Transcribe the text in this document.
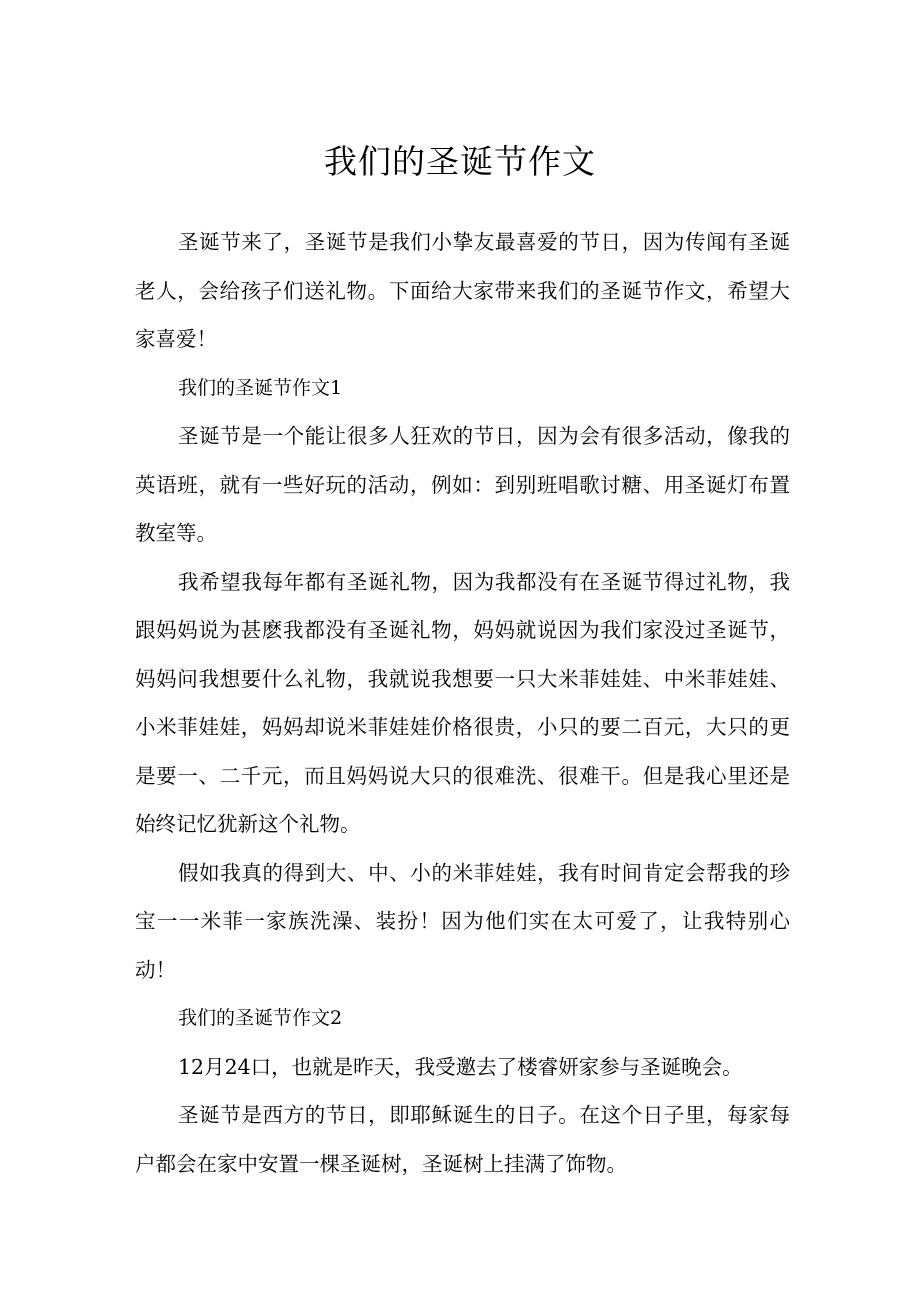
我们的圣诞节作文

圣诞节来了，圣诞节是我们小挚友最喜爱的节日，因为传闻有圣诞老人，会给孩子们送礼物。下面给大家带来我们的圣诞节作文，希望大家喜爱！

我们的圣诞节作文1

圣诞节是一个能让很多人狂欢的节日，因为会有很多活动，像我的英语班，就有一些好玩的活动，例如：到别班唱歌讨糖、用圣诞灯布置教室等。

我希望我每年都有圣诞礼物，因为我都没有在圣诞节得过礼物，我跟妈妈说为甚麽我都没有圣诞礼物，妈妈就说因为我们家没过圣诞节，妈妈问我想要什么礼物，我就说我想要一只大米菲娃娃、中米菲娃娃、小米菲娃娃，妈妈却说米菲娃娃价格很贵，小只的要二百元，大只的更是要一、二千元，而且妈妈说大只的很难洗、很难干。但是我心里还是始终记忆犹新这个礼物。

假如我真的得到大、中、小的米菲娃娃，我有时间肯定会帮我的珍宝一一米菲一家族洗澡、装扮！因为他们实在太可爱了，让我特别心动！

我们的圣诞节作文2

12月24口，也就是昨天，我受邀去了楼睿妍家参与圣诞晚会。

圣诞节是西方的节日，即耶稣诞生的日子。在这个日子里，每家每户都会在家中安置一棵圣诞树，圣诞树上挂满了饰物。
